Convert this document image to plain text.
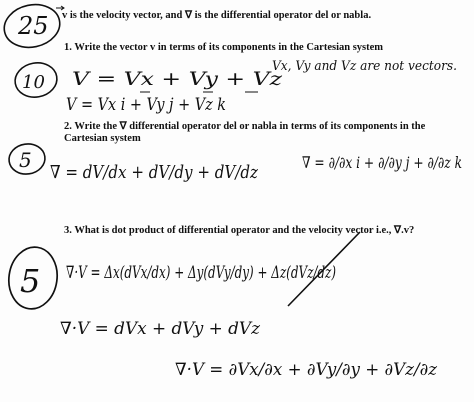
v is the velocity vector, and ∇ is the differential operator del or nabla.
1. Write the vector v in terms of its components in the Cartesian system
2. Write the ∇ differential operator del or nabla in terms of its components in the
Cartesian system
3. What is dot product of differential operator and the velocity vector i.e., ∇.v?
25
10
5
5
V = Vx + Vy + Vz
Vx, Vy and Vz are not vectors.
V = Vx i + Vy j + Vz k
∇ = dV/dx + dV/dy + dV/dz	∇ = ∂/∂x i + ∂/∂y j + ∂/∂z k
∇·V = Δx(dVx/dx) + Δy(dVy/dy) + Δz(dVz/dz)
∇·V = dVx + dVy + dVz
∇·V = ∂Vx/∂x + ∂Vy/∂y + ∂Vz/∂z
